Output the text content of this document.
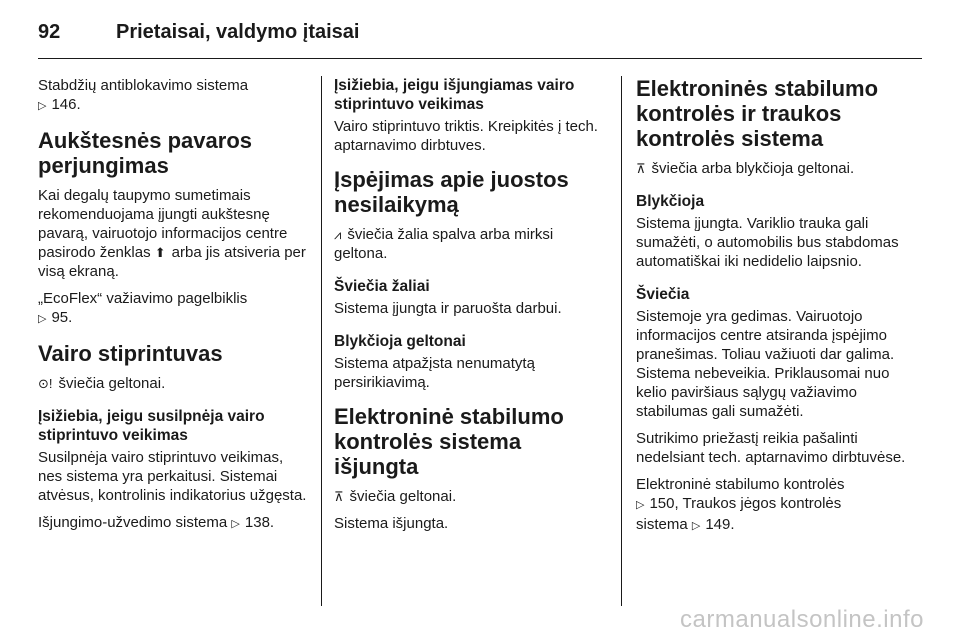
92	Prietaisai, valdymo įtaisai

Stabdžių antiblokavimo sistema
▷ 146.

Aukštesnės pavaros perjungimas

Kai degalų taupymo sumetimais rekomenduojama įjungti aukštesnę pavarą, vairuotojo informacijos centre pasirodo ženklas ⬆ arba jis atsiveria per visą ekraną.

„EcoFlex“ važiavimo pagelbiklis
▷ 95.

Vairo stiprintuvas

⊙! šviečia geltonai.

Įsižiebia, jeigu susilpnėja vairo stiprintuvo veikimas

Susilpnėja vairo stiprintuvo veikimas, nes sistema yra perkaitusi. Sistemai atvėsus, kontrolinis indikatorius užgęsta.

Išjungimo-užvedimo sistema ▷ 138.

Įsižiebia, jeigu išjungiamas vairo stiprintuvo veikimas

Vairo stiprintuvo triktis. Kreipkitės į tech. aptarnavimo dirbtuves.

Įspėjimas apie juostos nesilaikymą

⩘ šviečia žalia spalva arba mirksi geltona.

Šviečia žaliai

Sistema įjungta ir paruošta darbui.

Blykčioja geltonai

Sistema atpažįsta nenumatytą persirikiavimą.

Elektroninė stabilumo kontrolės sistema išjungta

⊼ šviečia geltonai.

Sistema išjungta.

Elektroninės stabilumo kontrolės ir traukos kontrolės sistema

⊼ šviečia arba blykčioja geltonai.

Blykčioja

Sistema įjungta. Variklio trauka gali sumažėti, o automobilis bus stabdomas automatiškai iki nedidelio laipsnio.

Šviečia

Sistemoje yra gedimas. Vairuotojo informacijos centre atsiranda įspėjimo pranešimas. Toliau važiuoti dar galima. Sistema nebeveikia. Priklausomai nuo kelio paviršiaus sąlygų važiavimo stabilumas gali sumažėti.

Sutrikimo priežastį reikia pašalinti nedelsiant tech. aptarnavimo dirbtuvėse.

Elektroninė stabilumo kontrolės
▷ 150, Traukos jėgos kontrolės
sistema ▷ 149.

carmanualsonline.info
